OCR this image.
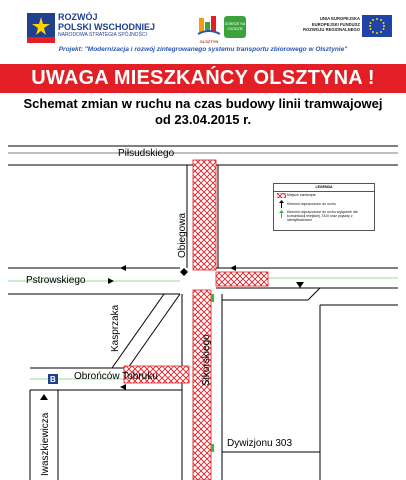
ROZWÓJ
POLSKI WSCHODNIEJ
NARODOWA STRATEGIA SPÓJNOŚCI
OLSZTYN
DOBRZE NA CHODZIE
UNIA EUROPEJSKA
EUROPEJSKI FUNDUSZ
ROZWOJU REGIONALNEGO
Projekt: "Modernizacja i rozwój zintegrowanego systemu transportu zbiorowego w Olsztynie"
UWAGA MIESZKAŃCY OLSZTYNA !
Schemat zmian w ruchu na czas budowy linii tramwajowej
od 23.04.2015 r.
B
Piłsudskiego
Obiegowa
Pstrowskiego
Kasprzaka
Sikorskiego
Obrońców Tobruku
Iwaszkiewicza	Dywizjonu 303
LEGENDA
Miejsce zamknięte
Kierunki dopuszczone do ruchu
Kierunki dopuszczone do ruchu wyłącznie dla komunikacji miejskiej, TAXI oraz pojazdy z identyfikatorami
